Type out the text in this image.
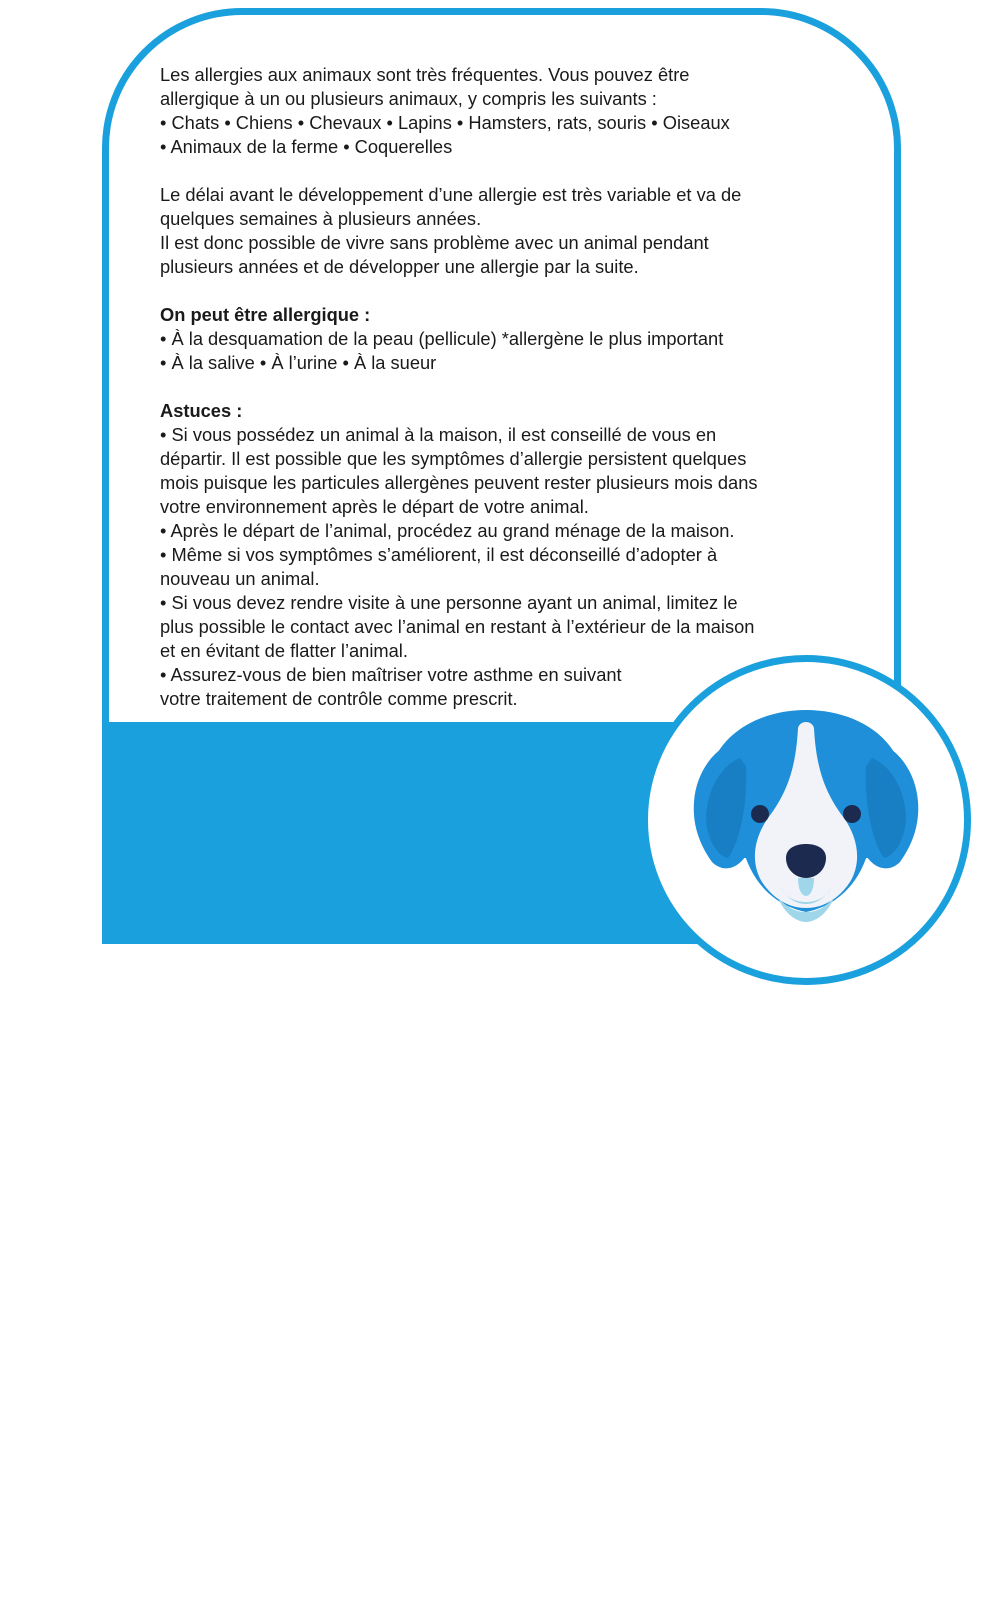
Les allergies aux animaux sont très fréquentes. Vous pouvez être
allergique à un ou plusieurs animaux, y compris les suivants :
• Chats • Chiens • Chevaux • Lapins • Hamsters, rats, souris • Oiseaux
• Animaux de la ferme • Coquerelles

Le délai avant le développement d’une allergie est très variable et va de
quelques semaines à plusieurs années.
Il est donc possible de vivre sans problème avec un animal pendant
plusieurs années et de développer une allergie par la suite.

On peut être allergique :
• À la desquamation de la peau (pellicule) *allergène le plus important
• À la salive • À l’urine • À la sueur

Astuces :
• Si vous possédez un animal à la maison, il est conseillé de vous en
départir. Il est possible que les symptômes d’allergie persistent quelques
mois puisque les particules allergènes peuvent rester plusieurs mois dans
votre environnement après le départ de votre animal.
• Après le départ de l’animal, procédez au grand ménage de la maison.
• Même si vos symptômes s’améliorent, il est déconseillé d’adopter à
nouveau un animal.
• Si vous devez rendre visite à une personne ayant un animal, limitez le
plus possible le contact avec l’animal en restant à l’extérieur de la maison
et en évitant de flatter l’animal.
• Assurez-vous de bien maîtriser votre asthme en suivant
votre traitement de contrôle comme prescrit.

Les allergènes
(animaux)
